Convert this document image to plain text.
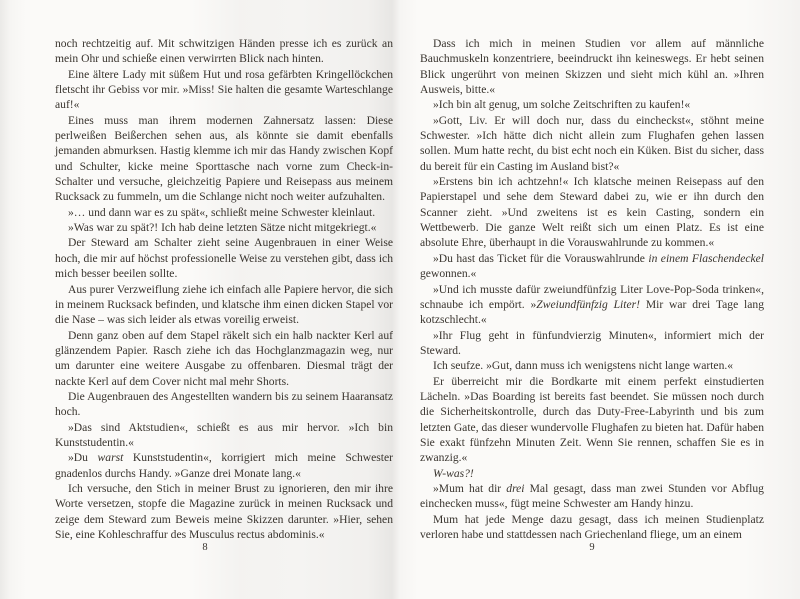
noch rechtzeitig auf. Mit schwitzigen Händen presse ich es zurück an mein Ohr und schieße einen verwirrten Blick nach hinten.

Eine ältere Lady mit süßem Hut und rosa gefärbten Kringellöckchen fletscht ihr Gebiss vor mir. »Miss! Sie halten die gesamte Warteschlange auf!«

Eines muss man ihrem modernen Zahnersatz lassen: Diese perlweißen Beißerchen sehen aus, als könnte sie damit ebenfalls jemanden abmurksen. Hastig klemme ich mir das Handy zwischen Kopf und Schulter, kicke meine Sporttasche nach vorne zum Check-in-Schalter und versuche, gleichzeitig Papiere und Reisepass aus meinem Rucksack zu fummeln, um die Schlange nicht noch weiter aufzuhalten.

»… und dann war es zu spät«, schließt meine Schwester kleinlaut.

»Was war zu spät?! Ich hab deine letzten Sätze nicht mitgekriegt.«

Der Steward am Schalter zieht seine Augenbrauen in einer Weise hoch, die mir auf höchst professionelle Weise zu verstehen gibt, dass ich mich besser beeilen sollte.

Aus purer Verzweiflung ziehe ich einfach alle Papiere hervor, die sich in meinem Rucksack befinden, und klatsche ihm einen dicken Stapel vor die Nase – was sich leider als etwas voreilig erweist.

Denn ganz oben auf dem Stapel räkelt sich ein halb nackter Kerl auf glänzendem Papier. Rasch ziehe ich das Hochglanzmagazin weg, nur um darunter eine weitere Ausgabe zu offenbaren. Diesmal trägt der nackte Kerl auf dem Cover nicht mal mehr Shorts.

Die Augenbrauen des Angestellten wandern bis zu seinem Haaransatz hoch.

»Das sind Aktstudien«, schießt es aus mir hervor. »Ich bin Kunststudentin.«

»Du warst Kunststudentin«, korrigiert mich meine Schwester gnadenlos durchs Handy. »Ganze drei Monate lang.«

Ich versuche, den Stich in meiner Brust zu ignorieren, den mir ihre Worte versetzen, stopfe die Magazine zurück in meinen Rucksack und zeige dem Steward zum Beweis meine Skizzen darunter. »Hier, sehen Sie, eine Kohleschraffur des Musculus rectus abdominis.«

Dass ich mich in meinen Studien vor allem auf männliche Bauchmuskeln konzentriere, beeindruckt ihn keineswegs. Er hebt seinen Blick ungerührt von meinen Skizzen und sieht mich kühl an. »Ihren Ausweis, bitte.«

»Ich bin alt genug, um solche Zeitschriften zu kaufen!«

»Gott, Liv. Er will doch nur, dass du eincheckst«, stöhnt meine Schwester. »Ich hätte dich nicht allein zum Flughafen gehen lassen sollen. Mum hatte recht, du bist echt noch ein Küken. Bist du sicher, dass du bereit für ein Casting im Ausland bist?«

»Erstens bin ich achtzehn!« Ich klatsche meinen Reisepass auf den Papierstapel und sehe dem Steward dabei zu, wie er ihn durch den Scanner zieht. »Und zweitens ist es kein Casting, sondern ein Wettbewerb. Die ganze Welt reißt sich um einen Platz. Es ist eine absolute Ehre, überhaupt in die Vorauswahlrunde zu kommen.«

»Du hast das Ticket für die Vorauswahlrunde in einem Flaschendeckel gewonnen.«

»Und ich musste dafür zweiundfünfzig Liter Love-Pop-Soda trinken«, schnaube ich empört. »Zweiundfünfzig Liter! Mir war drei Tage lang kotzschlecht.«

»Ihr Flug geht in fünfundvierzig Minuten«, informiert mich der Steward.

Ich seufze. »Gut, dann muss ich wenigstens nicht lange warten.«

Er überreicht mir die Bordkarte mit einem perfekt einstudierten Lächeln. »Das Boarding ist bereits fast beendet. Sie müssen noch durch die Sicherheitskontrolle, durch das Duty-Free-Labyrinth und bis zum letzten Gate, das dieser wundervolle Flughafen zu bieten hat. Dafür haben Sie exakt fünfzehn Minuten Zeit. Wenn Sie rennen, schaffen Sie es in zwanzig.«

W-was?!

»Mum hat dir drei Mal gesagt, dass man zwei Stunden vor Abflug einchecken muss«, fügt meine Schwester am Handy hinzu.

Mum hat jede Menge dazu gesagt, dass ich meinen Studienplatz verloren habe und stattdessen nach Griechenland fliege, um an einem

8	9
